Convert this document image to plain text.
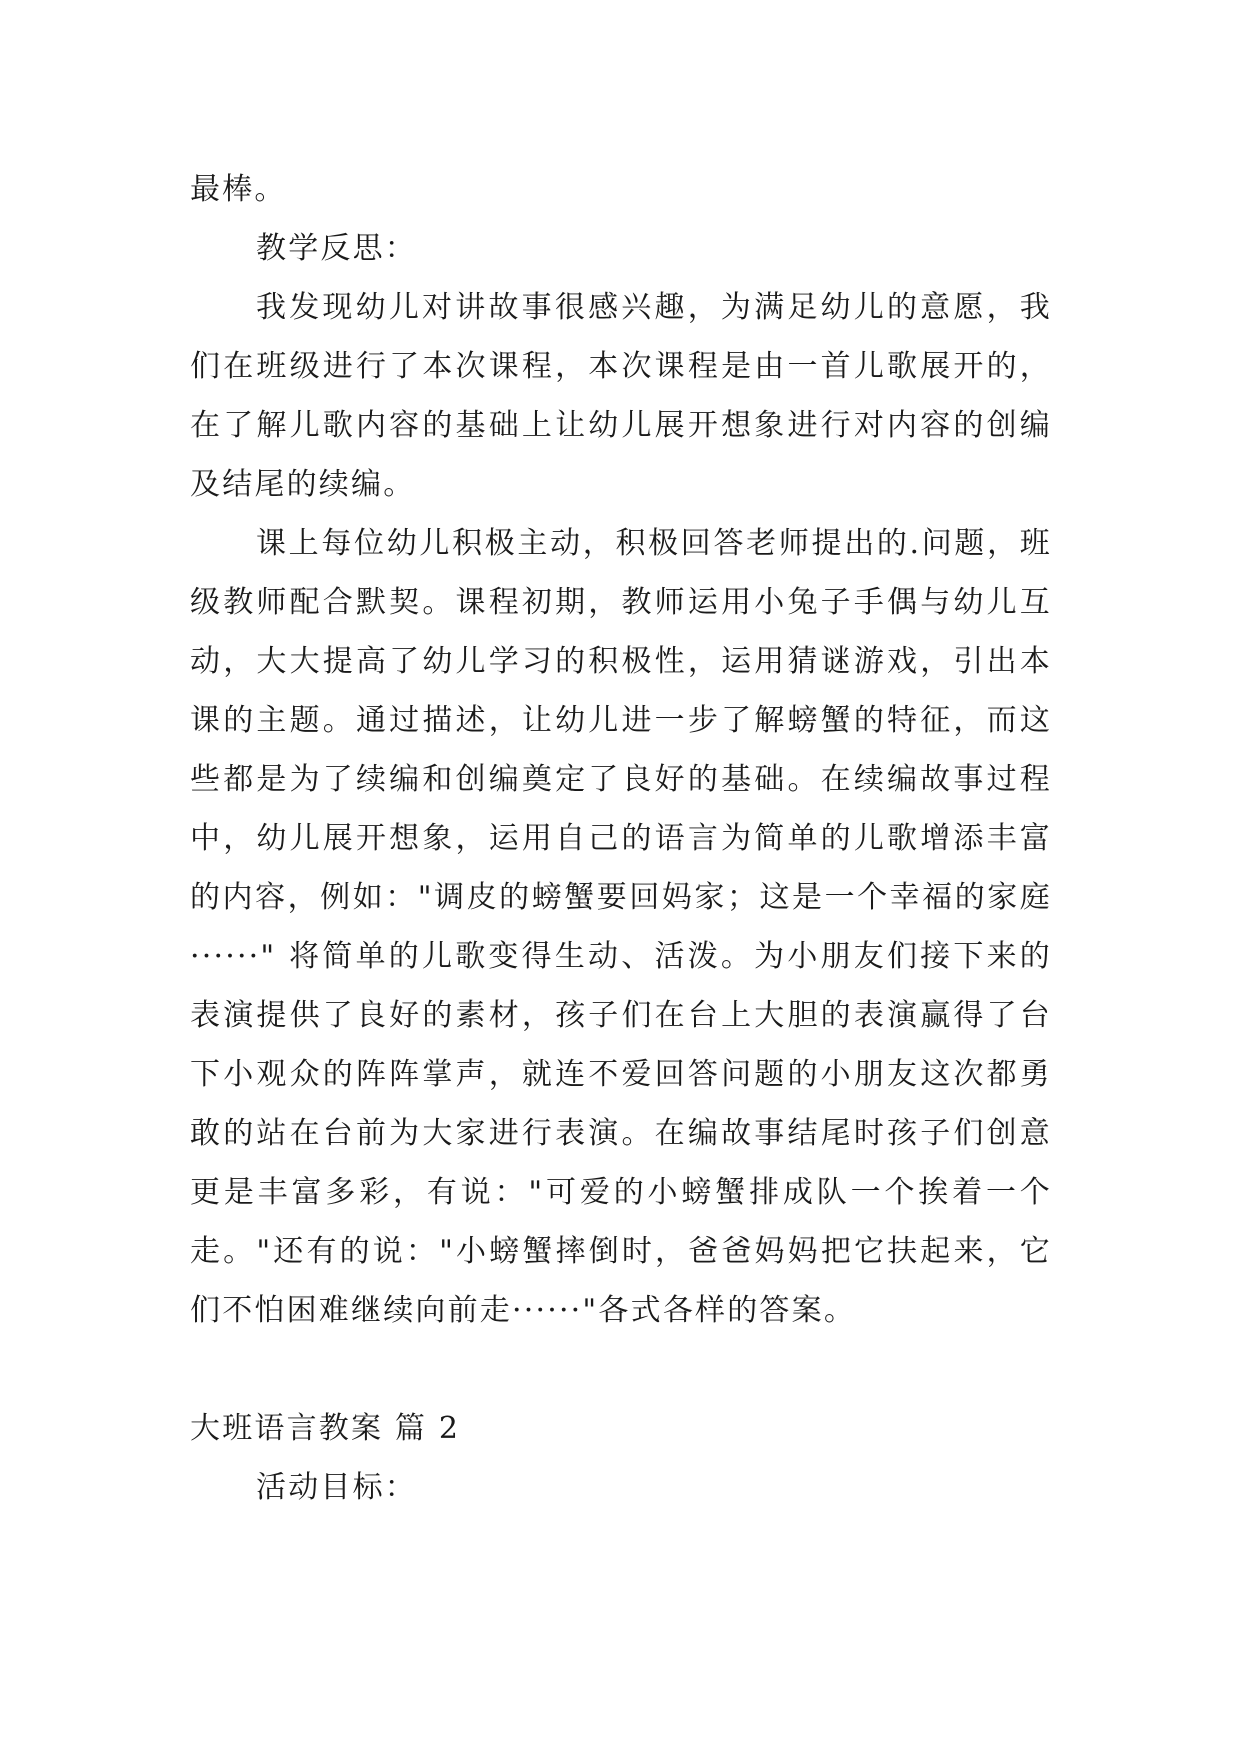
最棒。

教学反思：

我发现幼儿对讲故事很感兴趣，为满足幼儿的意愿，我们在班级进行了本次课程，本次课程是由一首儿歌展开的，在了解儿歌内容的基础上让幼儿展开想象进行对内容的创编及结尾的续编。

课上每位幼儿积极主动，积极回答老师提出的.问题，班级教师配合默契。课程初期，教师运用小兔子手偶与幼儿互动，大大提高了幼儿学习的积极性，运用猜谜游戏，引出本课的主题。通过描述，让幼儿进一步了解螃蟹的特征，而这些都是为了续编和创编奠定了良好的基础。在续编故事过程中，幼儿展开想象，运用自己的语言为简单的儿歌增添丰富的内容，例如："调皮的螃蟹要回妈家；这是一个幸福的家庭······" 将简单的儿歌变得生动、活泼。为小朋友们接下来的表演提供了良好的素材，孩子们在台上大胆的表演赢得了台下小观众的阵阵掌声，就连不爱回答问题的小朋友这次都勇敢的站在台前为大家进行表演。在编故事结尾时孩子们创意更是丰富多彩，有说："可爱的小螃蟹排成队一个挨着一个走。"还有的说："小螃蟹摔倒时，爸爸妈妈把它扶起来，它们不怕困难继续向前走······"各式各样的答案。

大班语言教案 篇 2

活动目标：
